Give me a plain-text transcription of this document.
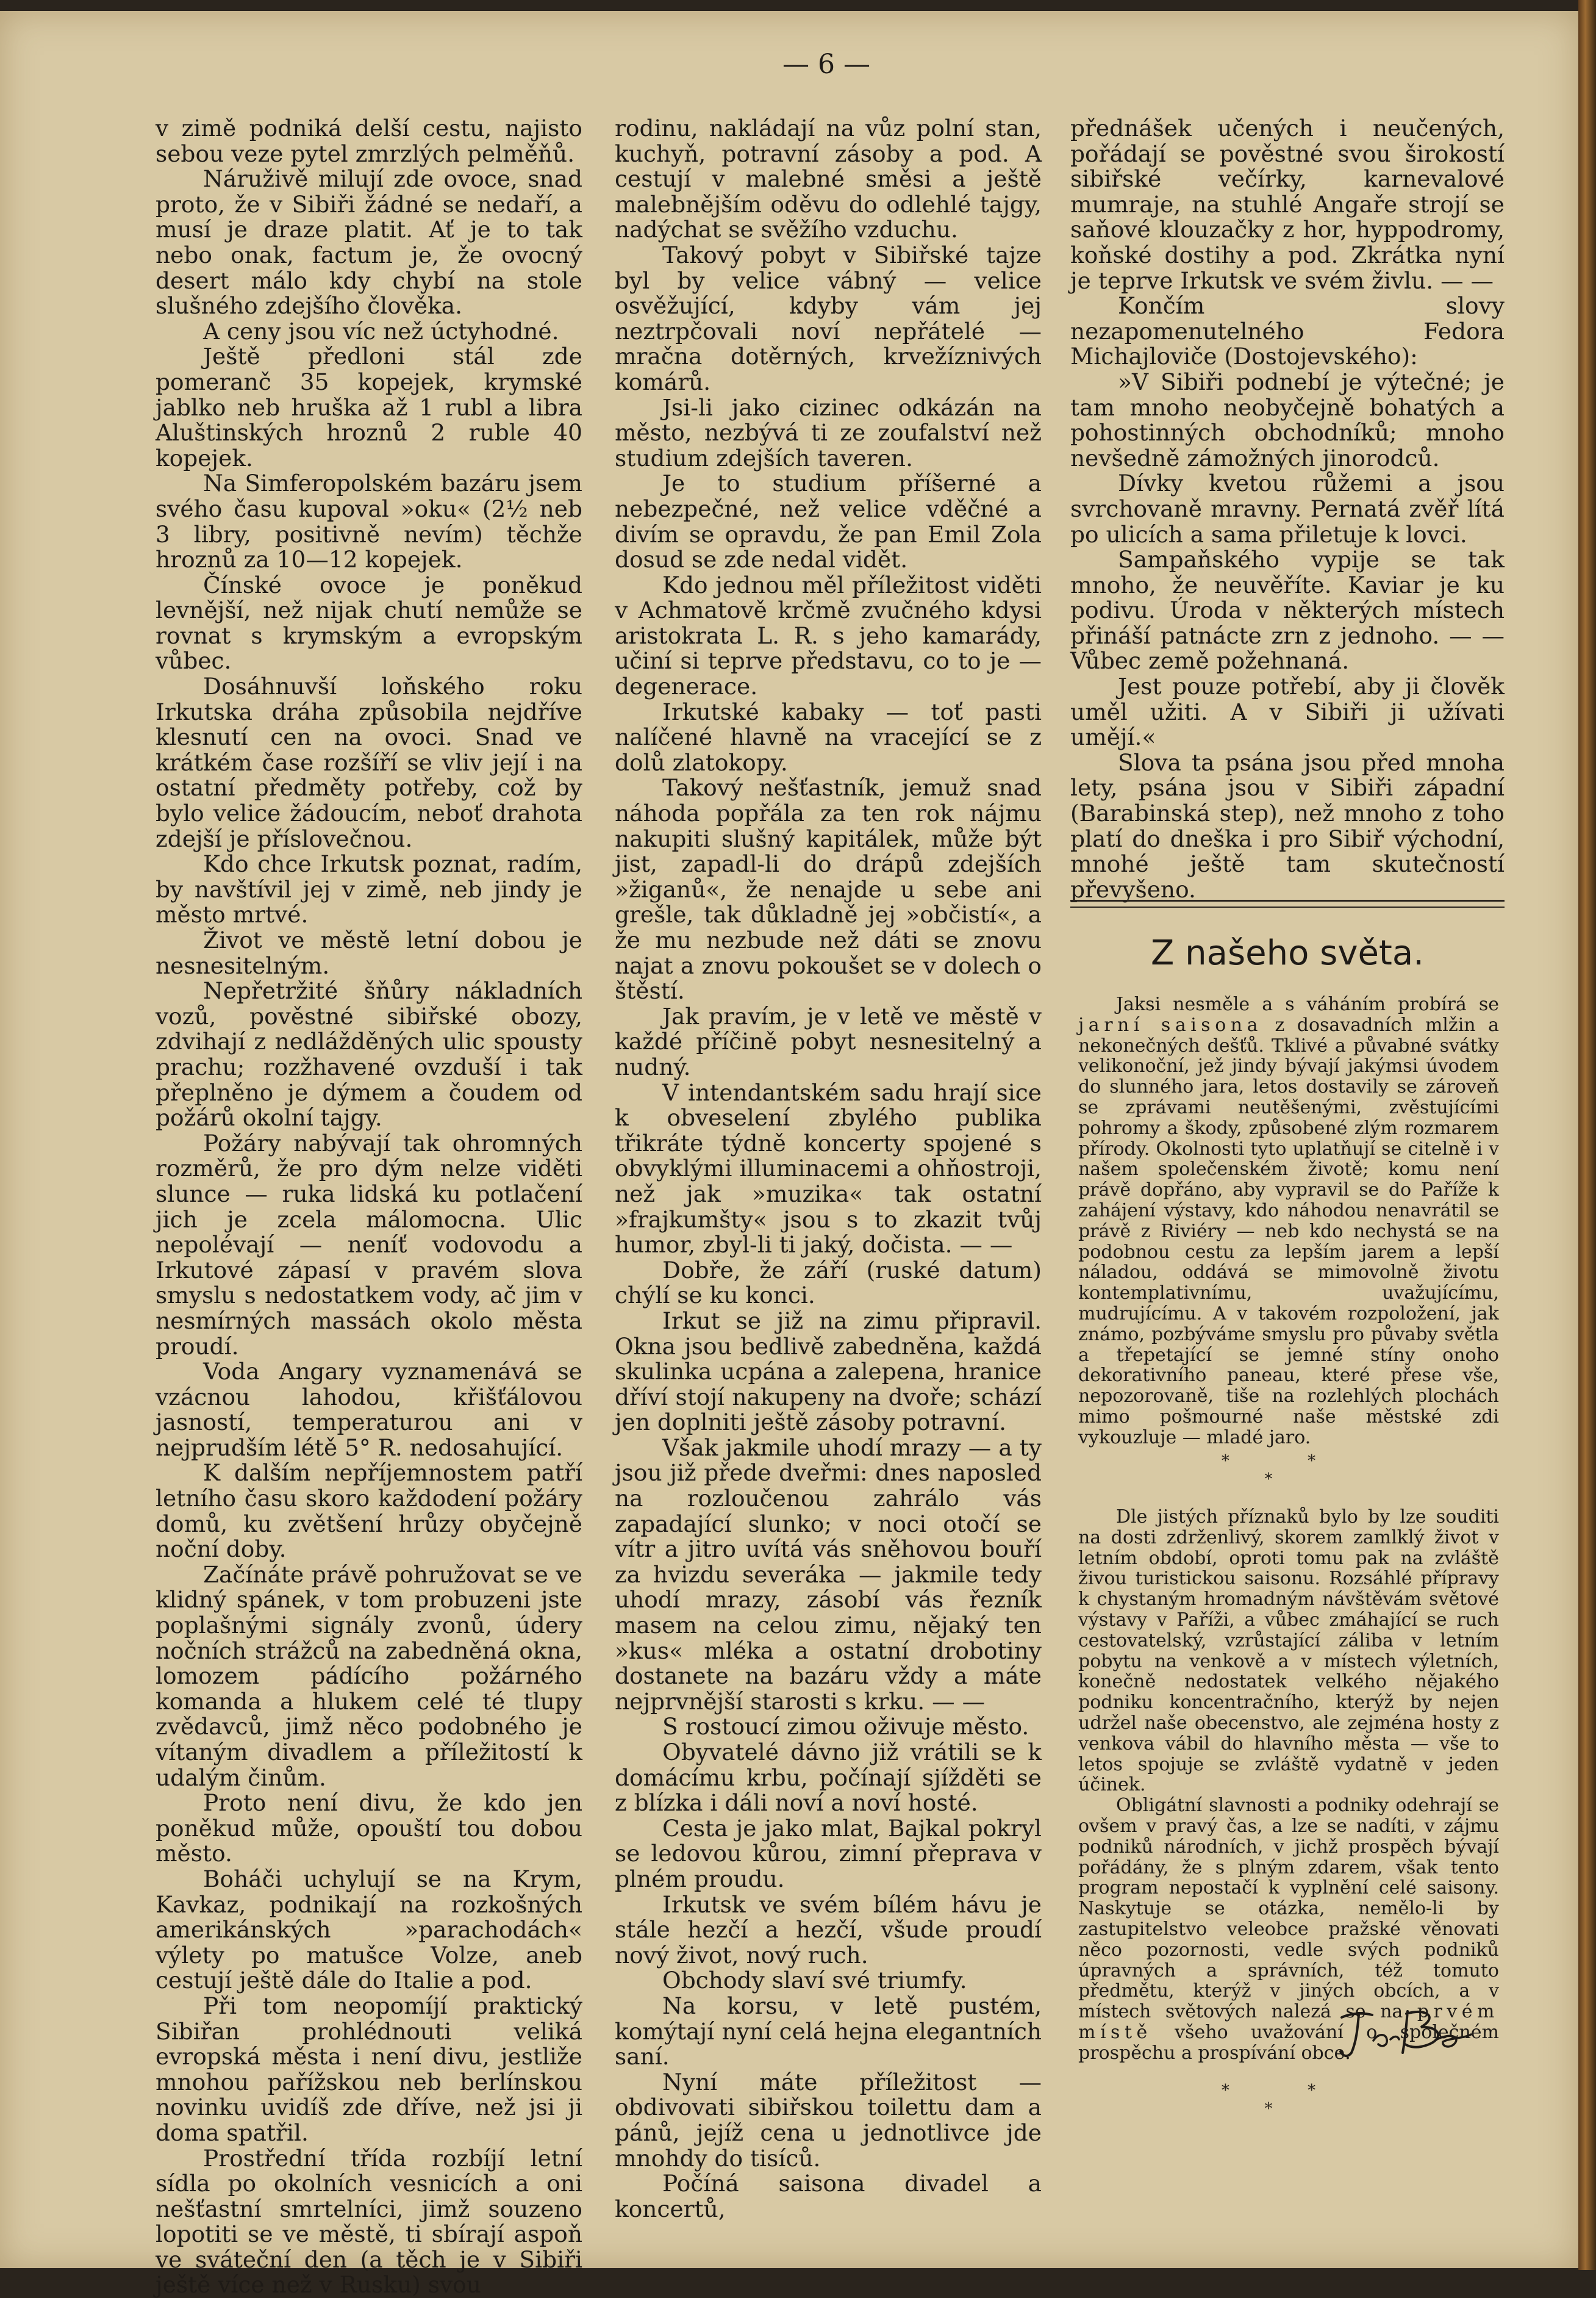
— 6 —

v zimě podniká delší cestu, najisto sebou veze pytel zmrzlých pelměňů.

Náruživě milují zde ovoce, snad proto, že v Sibiři žádné se nedaří, a musí je draze platit. Ať je to tak nebo onak, factum je, že ovocný desert málo kdy chybí na stole slušného zdejšího člověka.

A ceny jsou víc než úctyhodné.

Ještě předloni stál zde pomeranč 35 kopejek, krymské jablko neb hruška až 1 rubl a libra Aluštinských hroznů 2 ruble 40 kopejek.

Na Simferopolském bazáru jsem svého času kupoval »oku« (2½ neb 3 libry, positivně nevím) těchže hroznů za 10—12 kopejek.

Čínské ovoce je poněkud levnější, než nijak chutí nemůže se rovnat s krymským a evropským vůbec.

Dosáhnuvší loňského roku Irkutska dráha způsobila nejdříve klesnutí cen na ovoci. Snad ve krátkém čase rozšíří se vliv její i na ostatní předměty potřeby, což by bylo velice žádoucím, neboť drahota zdejší je příslovečnou.

Kdo chce Irkutsk poznat, radím, by navštívil jej v zimě, neb jindy je město mrtvé.

Život ve městě letní dobou je nesnesitelným.

Nepřetržité šňůry nákladních vozů, pověstné sibiřské obozy, zdvihají z nedlážděných ulic spousty prachu; rozžhavené ovzduší i tak přeplněno je dýmem a čoudem od požárů okolní tajgy.

Požáry nabývají tak ohromných rozměrů, že pro dým nelze viděti slunce — ruka lidská ku potlačení jich je zcela málomocna. Ulic nepolévají — neníť vodovodu a Irkutové zápasí v pravém slova smyslu s nedostatkem vody, ač jim v nesmírných massách okolo města proudí.

Voda Angary vyznamenává se vzácnou lahodou, křišťálovou jasností, temperaturou ani v nejprudším létě 5° R. nedosahující.

K dalším nepříjemnostem patří letního času skoro každodení požáry domů, ku zvětšení hrůzy obyčejně noční doby.

Začínáte právě pohružovat se ve klidný spánek, v tom probuzeni jste poplašnými signály zvonů, údery nočních strážců na zabedněná okna, lomozem pádícího požárného komanda a hlukem celé té tlupy zvědavců, jimž něco podobného je vítaným divadlem a příležitostí k udalým činům.

Proto není divu, že kdo jen poněkud může, opouští tou dobou město.

Boháči uchylují se na Krym, Kavkaz, podnikají na rozkošných amerikánských »parachodách« výlety po matušce Volze, aneb cestují ještě dále do Italie a pod.

Při tom neopomíjí praktický Sibiřan prohlédnouti veliká evropská města i není divu, jestliže mnohou pařížskou neb berlínskou novinku uvidíš zde dříve, než jsi ji doma spatřil.

Prostřední třída rozbíjí letní sídla po okolních vesnicích a oni nešťastní smrtelníci, jimž souzeno lopotiti se ve městě, ti sbírají aspoň ve sváteční den (a těch je v Sibiři ještě více než v Rusku) svou

rodinu, nakládají na vůz polní stan, kuchyň, potravní zásoby a pod. A cestují v malebné směsi a ještě malebnějším oděvu do odlehlé tajgy, nadýchat se svěžího vzduchu.

Takový pobyt v Sibiřské tajze byl by velice vábný — velice osvěžující, kdyby vám jej neztrpčovali noví nepřátelé — mračna dotěrných, krvežíznivých komárů.

Jsi-li jako cizinec odkázán na město, nezbývá ti ze zoufalství než studium zdejších taveren.

Je to studium příšerné a nebezpečné, než velice vděčné a divím se opravdu, že pan Emil Zola dosud se zde nedal vidět.

Kdo jednou měl příležitost viděti v Achmatově krčmě zvučného kdysi aristokrata L. R. s jeho kamarády, učiní si teprve představu, co to je — degenerace.

Irkutské kabaky — toť pasti nalíčené hlavně na vracející se z dolů zlatokopy.

Takový nešťastník, jemuž snad náhoda popřála za ten rok nájmu nakupiti slušný kapitálek, může být jist, zapadl-li do drápů zdejších »žiganů«, že nenajde u sebe ani grešle, tak důkladně jej »občistí«, a že mu nezbude než dáti se znovu najat a znovu pokoušet se v dolech o štěstí.

Jak pravím, je v letě ve městě v každé příčině pobyt nesnesitelný a nudný.

V intendantském sadu hrají sice k obveselení zbylého publika třikráte týdně koncerty spojené s obvyklými illuminacemi a ohňostroji, než jak »muzika« tak ostatní »frajkumšty« jsou s to zkazit tvůj humor, zbyl-li ti jaký, dočista. — —

Dobře, že září (ruské datum) chýlí se ku konci.

Irkut se již na zimu připravil. Okna jsou bedlivě zabedněna, každá skulinka ucpána a zalepena, hranice dříví stojí nakupeny na dvoře; schází jen doplniti ještě zásoby potravní.

Však jakmile uhodí mrazy — a ty jsou již přede dveřmi: dnes naposled na rozloučenou zahrálo vás zapadající slunko; v noci otočí se vítr a jitro uvítá vás sněhovou bouří za hvizdu severáka — jakmile tedy uhodí mrazy, zásobí vás řezník masem na celou zimu, nějaký ten »kus« mléka a ostatní drobotiny dostanete na bazáru vždy a máte nejprvnější starosti s krku. — —

S rostoucí zimou oživuje město.

Obyvatelé dávno již vrátili se k domácímu krbu, počínají sjížděti se z blízka i dáli noví a noví hosté.

Cesta je jako mlat, Bajkal pokryl se ledovou kůrou, zimní přeprava v plném proudu.

Irkutsk ve svém bílém hávu je stále hezčí a hezčí, všude proudí nový život, nový ruch.

Obchody slaví své triumfy.

Na korsu, v letě pustém, komýtají nyní celá hejna elegantních saní.

Nyní máte příležitost — obdivovati sibiřskou toilettu dam a pánů, jejíž cena u jednotlivce jde mnohdy do tisíců.

Počíná saisona divadel a koncertů,

přednášek učených i neučených, pořádají se pověstné svou širokostí sibiřské večírky, karnevalové mumraje, na stuhlé Angaře strojí se saňové klouzačky z hor, hyppodromy, koňské dostihy a pod. Zkrátka nyní je teprve Irkutsk ve svém živlu. — —

Končím slovy nezapomenutelného Fedora Michajloviče (Dostojevského):

»V Sibiři podnebí je výtečné; je tam mnoho neobyčejně bohatých a pohostinných obchodníků; mnoho nevšedně zámožných jinorodců.

Dívky kvetou růžemi a jsou svrchovaně mravny. Pernatá zvěř lítá po ulicích a sama přiletuje k lovci.

Sampaňského vypije se tak mnoho, že neuvěříte. Kaviar je ku podivu. Úroda v některých místech přináší patnácte zrn z jednoho. — — Vůbec země požehnaná.

Jest pouze potřebí, aby ji člověk uměl užiti. A v Sibiři ji užívati umějí.«

Slova ta psána jsou před mnoha lety, psána jsou v Sibiři západní (Barabinská step), než mnoho z toho platí do dneška i pro Sibiř východní, mnohé ještě tam skutečností převyšeno.

Z našeho světa.

Jaksi nesměle a s váháním probírá se jarní saisona z dosavadních mlžin a nekonečných dešťů. Tklivé a půvabné svátky velikonoční, jež jindy bývají jakýmsi úvodem do slunného jara, letos dostavily se zároveň se zprávami neutěšenými, zvěstujícími pohromy a škody, způsobené zlým rozmarem přírody. Okolnosti tyto uplatňují se citelně i v našem společenském životě; komu není právě dopřáno, aby vypravil se do Paříže k zahájení výstavy, kdo náhodou nenavrátil se právě z Riviéry — neb kdo nechystá se na podobnou cestu za lepším jarem a lepší náladou, oddává se mimovolně životu kontemplativnímu, uvažujícímu, mudrujícímu. A v takovém rozpoložení, jak známo, pozbýváme smyslu pro půvaby světla a třepetající se jemné stíny onoho dekorativního paneau, které přese vše, nepozorovaně, tiše na rozlehlých plochách mimo pošmourné naše městské zdi vykouzluje — mladé jaro.

* * *

Dle jistých příznaků bylo by lze souditi na dosti zdrženlivý, skorem zamlklý život v letním období, oproti tomu pak na zvláště živou turistickou saisonu. Rozsáhlé přípravy k chystaným hromadným návštěvám světové výstavy v Paříži, a vůbec zmáhající se ruch cestovatelský, vzrůstající záliba v letním pobytu na venkově a v místech výletních, konečně nedostatek velkého nějakého podniku koncentračního, kterýž by nejen udržel naše obecenstvo, ale zejména hosty z venkova vábil do hlavního města — vše to letos spojuje se zvláště vydatně v jeden účinek.

Obligátní slavnosti a podniky odehrají se ovšem v pravý čas, a lze se nadíti, v zájmu podniků národních, v jichž prospěch bývají pořádány, že s plným zdarem, však tento program nepostačí k vyplnění celé saisony. Naskytuje se otázka, nemělo-li by zastupitelstvo veleobce pražské věnovati něco pozornosti, vedle svých podniků úpravných a správních, též tomuto předmětu, kterýž v jiných obcích, a v místech světových nalezá se na prvém místě všeho uvažování o společném prospěchu a prospívání obce.

* * *
